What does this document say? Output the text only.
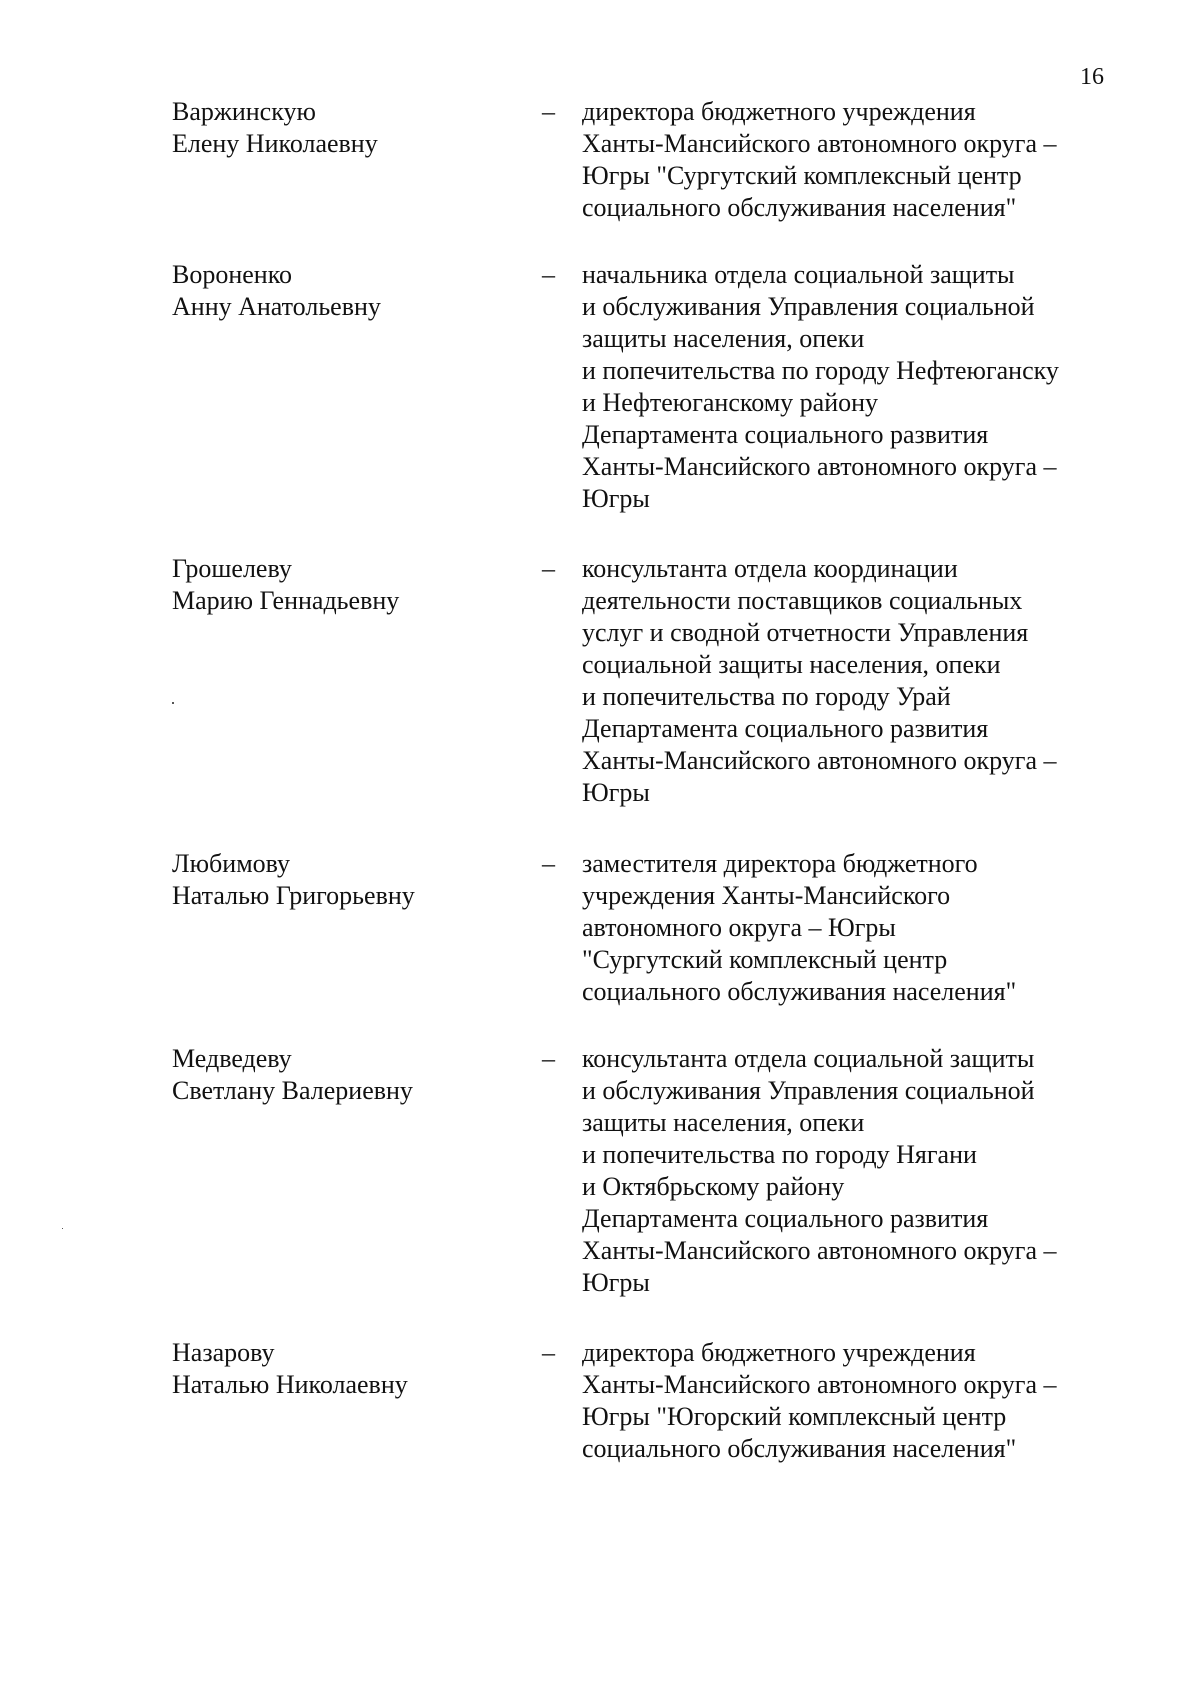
16
Варжинскую
Елену Николаевну
– директора бюджетного учреждения
Ханты-Мансийского автономного округа –
Югры "Сургутский комплексный центр
социального обслуживания населения"
Вороненко
Анну Анатольевну
– начальника отдела социальной защиты
и обслуживания Управления социальной
защиты населения, опеки
и попечительства по городу Нефтеюганску
и Нефтеюганскому району
Департамента социального развития
Ханты-Мансийского автономного округа –
Югры
Грошелеву
Марию Геннадьевну
– консультанта отдела координации
деятельности поставщиков социальных
услуг и сводной отчетности Управления
социальной защиты населения, опеки
и попечительства по городу Урай
Департамента социального развития
Ханты-Мансийского автономного округа –
Югры
Любимову
Наталью Григорьевну
– заместителя директора бюджетного
учреждения Ханты-Мансийского
автономного округа – Югры
"Сургутский комплексный центр
социального обслуживания населения"
Медведеву
Светлану Валериевну
– консультанта отдела социальной защиты
и обслуживания Управления социальной
защиты населения, опеки
и попечительства по городу Нягани
и Октябрьскому району
Департамента социального развития
Ханты-Мансийского автономного округа –
Югры
Назарову
Наталью Николаевну
– директора бюджетного учреждения
Ханты-Мансийского автономного округа –
Югры "Югорский комплексный центр
социального обслуживания населения"
